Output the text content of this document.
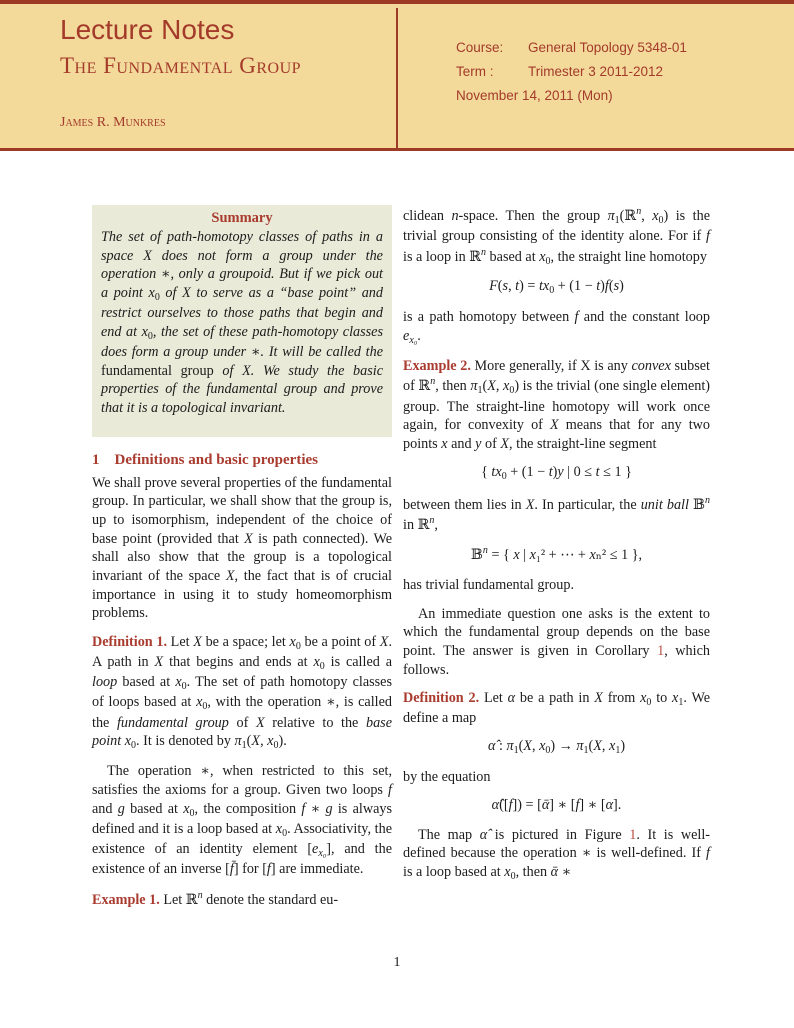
Lecture Notes
The Fundamental Group
James R. Munkres
Course:	General Topology 5348-01
Term :	Trimester 3 2011-2012
November 14, 2011 (Mon)

Summary

The set of path-homotopy classes of paths in a space X does not form a group under the operation ∗, only a groupoid. But if we pick out a point $x_0$ of X to serve as a “base point” and restrict ourselves to those paths that begin and end at $x_0$, the set of these path-homotopy classes does form a group under ∗. It will be called the fundamental group of X. We study the basic properties of the fundamental group and prove that it is a topological invariant.

1 Definitions and basic properties

We shall prove several properties of the fundamental group. In particular, we shall show that the group is, up to isomorphism, independent of the choice of base point (provided that X is path connected). We shall also show that the group is a topological invariant of the space X, the fact that is of crucial importance in using it to study homeomorphism problems.

Definition 1. Let X be a space; let $x_0$ be a point of X. A path in X that begins and ends at $x_0$ is called a loop based at $x_0$. The set of path homotopy classes of loops based at $x_0$, with the operation ∗, is called the fundamental group of X relative to the base point $x_0$. It is denoted by $\pi_1(X$, $x_0$).

The operation ∗, when restricted to this set, satisfies the axioms for a group. Given two loops f and g based at $x_0$, the composition f ∗ g is always defined and it is a loop based at $x_0$. Associativity, the existence of an identity element $[e_{x_0}]$, and the existence of an inverse [f̄] for [f] are immediate.

Example 1. Let ℝ$^n$ denote the standard eu-

clidean n-space. Then the group $\pi_1(ℝ^n$, $x_0$) is the trivial group consisting of the identity alone. For if f is a loop in ℝ$^n$ based at $x_0$, the straight line homotopy

F(s, $t) = tx_0 + (1 - t)f(s)$

is a path homotopy between f and the constant loop $e_{x_0}$.

Example 2. More generally, if X is any convex subset of ℝ$^n$, then $\pi_1(X$, $x_0$) is the trivial (one single element) group. The straight-line homotopy will work once again, for convexity of X means that for any two points x and y of X, the straight-line segment

{ $tx_0 + (1 - t)y$ | 0 ≤ t ≤ 1 }

between them lies in X. In particular, the unit ball 𝔹$^n$ in ℝ$^n$,

𝔹$^n$ = { x | x₁² + ⋯ + xₙ² ≤ 1 },

has trivial fundamental group.

An immediate question one asks is the extent to which the fundamental group depends on the base point. The answer is given in Corollary 1, which follows.

Definition 2. Let α be a path in X from $x_0$ to $x_1$. We define a map

α̂ : $\pi_1(X$, $x_0) \to \pi_1(X$, $x_1$)

by the equation

α̂([f]) = [ᾱ] ∗ [f] ∗ [α].

The map α̂ is pictured in Figure 1. It is well-defined because the operation ∗ is well-defined. If f is a loop based at $x_0$, then ᾱ ∗

1
